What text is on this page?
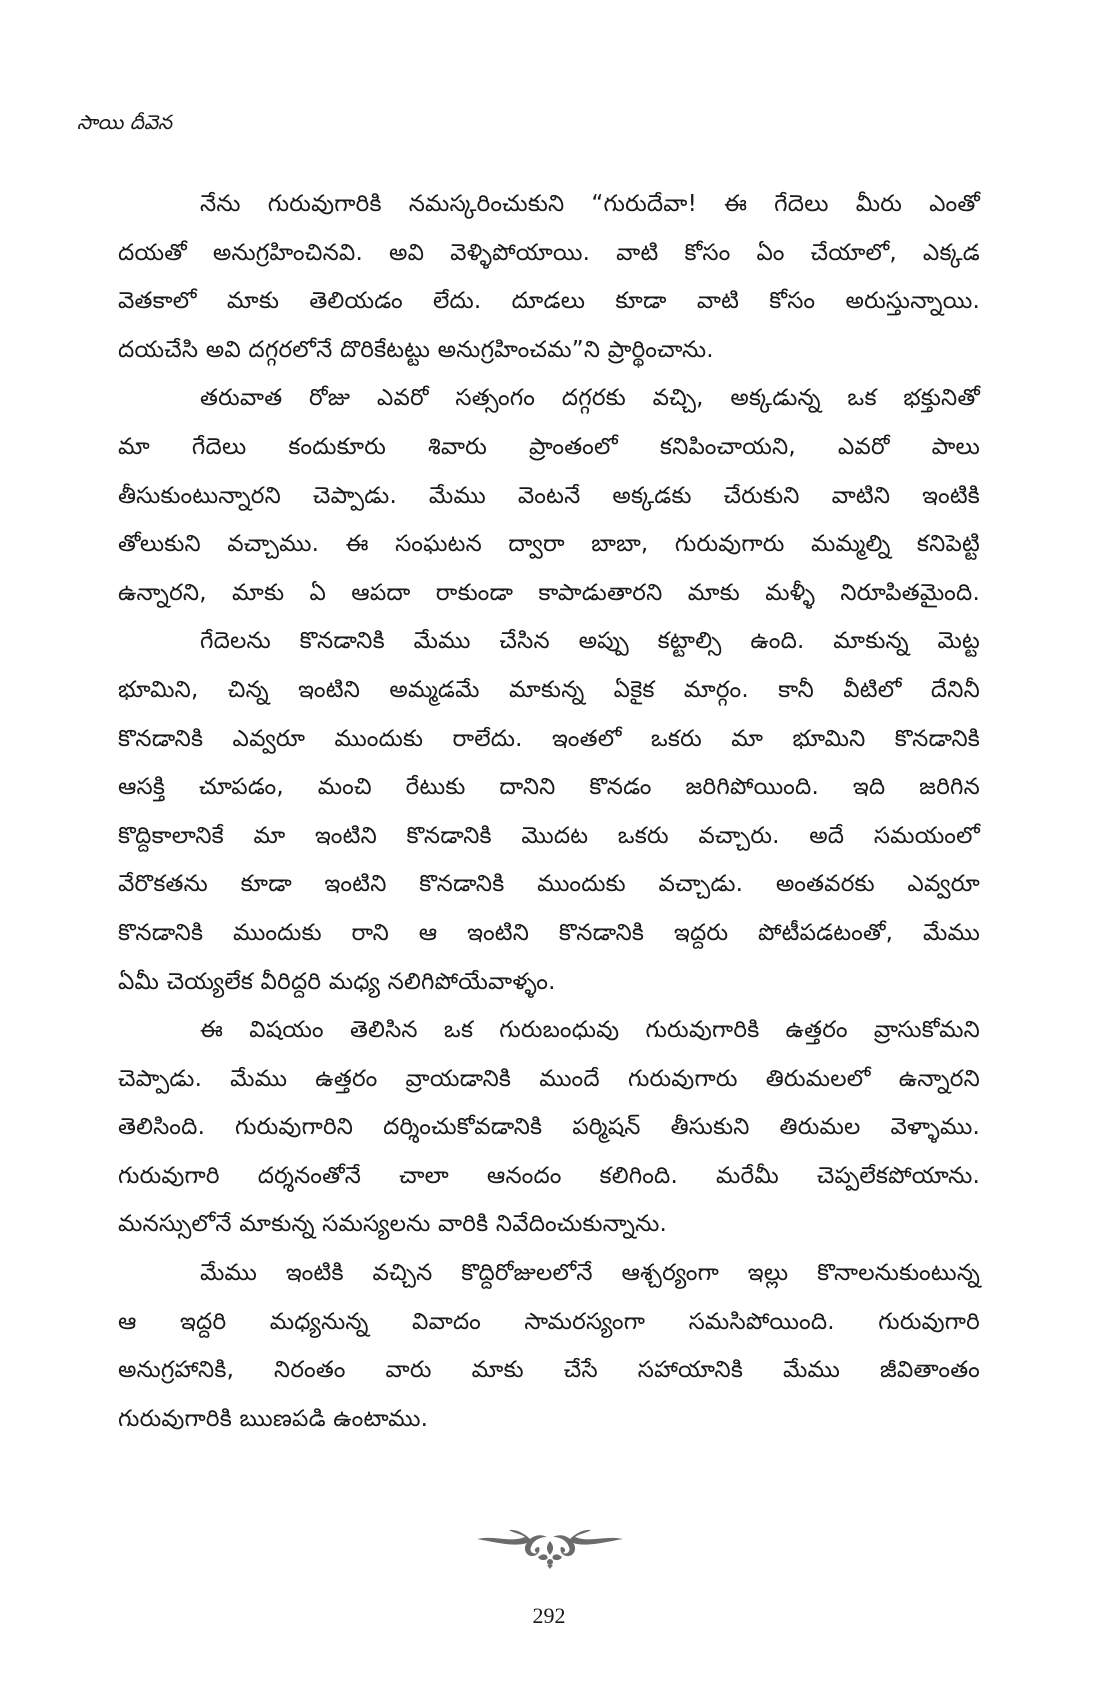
సాయి దీవెన
నేను గురువుగారికి నమస్కరించుకుని “గురుదేవా! ఈ గేదెలు మీరు ఎంతో
దయతో అనుగ్రహించినవి. అవి వెళ్ళిపోయాయి. వాటి కోసం ఏం చేయాలో, ఎక్కడ
వెతకాలో మాకు తెలియడం లేదు. దూడలు కూడా వాటి కోసం అరుస్తున్నాయి.
దయచేసి అవి దగ్గరలోనే దొరికేటట్టు అనుగ్రహించమ”ని ప్రార్థించాను.
తరువాత రోజు ఎవరో సత్సంగం దగ్గరకు వచ్చి, అక్కడున్న ఒక భక్తునితో
మా గేదెలు కందుకూరు శివారు ప్రాంతంలో కనిపించాయని, ఎవరో పాలు
తీసుకుంటున్నారని చెప్పాడు. మేము వెంటనే అక్కడకు చేరుకుని వాటిని ఇంటికి
తోలుకుని వచ్చాము. ఈ సంఘటన ద్వారా బాబా, గురువుగారు మమ్మల్ని కనిపెట్టి
ఉన్నారని, మాకు ఏ ఆపదా రాకుండా కాపాడుతారని మాకు మళ్ళీ నిరూపితమైంది.
గేదెలను కొనడానికి మేము చేసిన అప్పు కట్టాల్సి ఉంది. మాకున్న మెట్ట
భూమిని, చిన్న ఇంటిని అమ్మడమే మాకున్న ఏకైక మార్గం. కానీ వీటిలో దేనినీ
కొనడానికి ఎవ్వరూ ముందుకు రాలేదు. ఇంతలో ఒకరు మా భూమిని కొనడానికి
ఆసక్తి చూపడం, మంచి రేటుకు దానిని కొనడం జరిగిపోయింది. ఇది జరిగిన
కొద్దికాలానికే మా ఇంటిని కొనడానికి మొదట ఒకరు వచ్చారు. అదే సమయంలో
వేరొకతను కూడా ఇంటిని కొనడానికి ముందుకు వచ్చాడు. అంతవరకు ఎవ్వరూ
కొనడానికి ముందుకు రాని ఆ ఇంటిని కొనడానికి ఇద్దరు పోటీపడటంతో, మేము
ఏమీ చెయ్యలేక వీరిద్దరి మధ్య నలిగిపోయేవాళ్ళం.
ఈ విషయం తెలిసిన ఒక గురుబంధువు గురువుగారికి ఉత్తరం వ్రాసుకోమని
చెప్పాడు. మేము ఉత్తరం వ్రాయడానికి ముందే గురువుగారు తిరుమలలో ఉన్నారని
తెలిసింది. గురువుగారిని దర్శించుకోవడానికి పర్మిషన్ తీసుకుని తిరుమల వెళ్ళాము.
గురువుగారి దర్శనంతోనే చాలా ఆనందం కలిగింది. మరేమీ చెప్పలేకపోయాను.
మనస్సులోనే మాకున్న సమస్యలను వారికి నివేదించుకున్నాను.
మేము ఇంటికి వచ్చిన కొద్దిరోజులలోనే ఆశ్చర్యంగా ఇల్లు కొనాలనుకుంటున్న
ఆ ఇద్దరి మధ్యనున్న వివాదం సామరస్యంగా సమసిపోయింది. గురువుగారి
అనుగ్రహానికి, నిరంతం వారు మాకు చేసే సహాయానికి మేము జీవితాంతం
గురువుగారికి ఋణపడి ఉంటాము.
292
